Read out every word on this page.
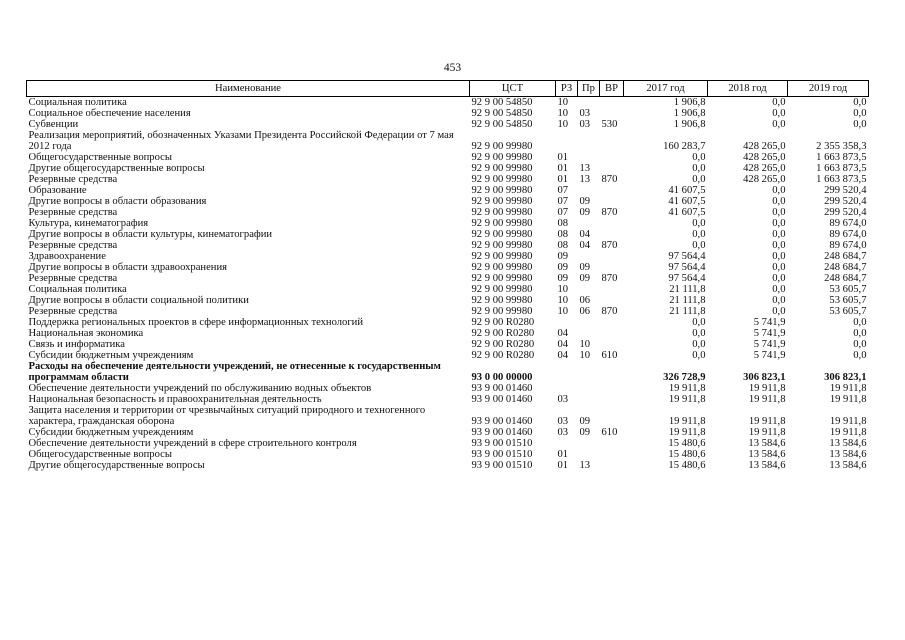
453
Наименование	ЦСТ	РЗ	Пр	ВР	2017 год	2018 год	2019 год
Социальная политика	92 9 00 54850	10			1 906,8	0,0	0,0
Социальное обеспечение населения	92 9 00 54850	10	03		1 906,8	0,0	0,0
Субвенции	92 9 00 54850	10	03	530	1 906,8	0,0	0,0
Реализация мероприятий, обозначенных Указами Президента Российской Федерации от 7 мая 2012 года	92 9 00 99980				160 283,7	428 265,0	2 355 358,3
Общегосударственные вопросы	92 9 00 99980	01			0,0	428 265,0	1 663 873,5
Другие общегосударственные вопросы	92 9 00 99980	01	13		0,0	428 265,0	1 663 873,5
Резервные средства	92 9 00 99980	01	13	870	0,0	428 265,0	1 663 873,5
Образование	92 9 00 99980	07			41 607,5	0,0	299 520,4
Другие вопросы в области образования	92 9 00 99980	07	09		41 607,5	0,0	299 520,4
Резервные средства	92 9 00 99980	07	09	870	41 607,5	0,0	299 520,4
Культура, кинематография	92 9 00 99980	08			0,0	0,0	89 674,0
Другие вопросы в области культуры, кинематографии	92 9 00 99980	08	04		0,0	0,0	89 674,0
Резервные средства	92 9 00 99980	08	04	870	0,0	0,0	89 674,0
Здравоохранение	92 9 00 99980	09			97 564,4	0,0	248 684,7
Другие вопросы в области здравоохранения	92 9 00 99980	09	09		97 564,4	0,0	248 684,7
Резервные средства	92 9 00 99980	09	09	870	97 564,4	0,0	248 684,7
Социальная политика	92 9 00 99980	10			21 111,8	0,0	53 605,7
Другие вопросы в области социальной политики	92 9 00 99980	10	06		21 111,8	0,0	53 605,7
Резервные средства	92 9 00 99980	10	06	870	21 111,8	0,0	53 605,7
Поддержка региональных проектов в сфере информационных технологий	92 9 00 R0280				0,0	5 741,9	0,0
Национальная экономика	92 9 00 R0280	04			0,0	5 741,9	0,0
Связь и информатика	92 9 00 R0280	04	10		0,0	5 741,9	0,0
Субсидии бюджетным учреждениям	92 9 00 R0280	04	10	610	0,0	5 741,9	0,0
Расходы на обеспечение деятельности учреждений, не отнесенные к государственным программам области	93 0 00 00000				326 728,9	306 823,1	306 823,1
Обеспечение деятельности учреждений по обслуживанию водных объектов	93 9 00 01460				19 911,8	19 911,8	19 911,8
Национальная безопасность и правоохранительная деятельность	93 9 00 01460	03			19 911,8	19 911,8	19 911,8
Защита населения и территории от чрезвычайных ситуаций природного и техногенного характера, гражданская оборона	93 9 00 01460	03	09		19 911,8	19 911,8	19 911,8
Субсидии бюджетным учреждениям	93 9 00 01460	03	09	610	19 911,8	19 911,8	19 911,8
Обеспечение деятельности учреждений в сфере строительного контроля	93 9 00 01510				15 480,6	13 584,6	13 584,6
Общегосударственные вопросы	93 9 00 01510	01			15 480,6	13 584,6	13 584,6
Другие общегосударственные вопросы	93 9 00 01510	01	13		15 480,6	13 584,6	13 584,6
